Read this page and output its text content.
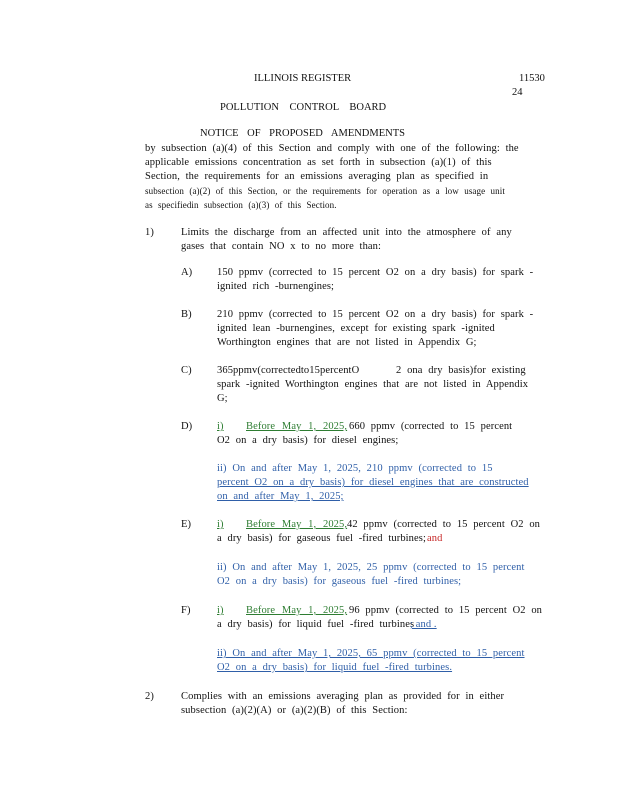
ILLINOIS REGISTER	11530
24
POLLUTION CONTROL BOARD
NOTICE OF PROPOSED AMENDMENTS
by subsection (a)(4) of this Section and comply with one of the following: the
applicable emissions concentration as set forth in subsection (a)(1) of this
Section, the requirements for an emissions averaging plan as specified in
subsection (a)(2) of this Section, or the requirements for operation as a low usage unit
as specifiedin subsection (a)(3) of this Section.
1)	Limits the discharge from an affected unit into the atmosphere of any
gases that contain NO x to no more than:
A) 150 ppmv (corrected to 15 percent O2 on a dry basis) for spark -
ignited rich -burnengines;
B) 210 ppmv (corrected to 15 percent O2 on a dry basis) for spark -
ignited lean -burnengines, except for existing spark -ignited
Worthington engines that are not listed in Appendix G;
C) 365ppmv(correctedto15percentO	2 ona dry basis)for existing
spark -ignited Worthington engines that are not listed in Appendix
G;
D) i) Before May 1, 2025, 660 ppmv (corrected to 15 percent
O2 on a dry basis) for diesel engines;
ii) On and after May 1, 2025, 210 ppmv (corrected to 15
percent O2 on a dry basis) for diesel engines that are constructed
on and after May 1, 2025;
E) i) Before May 1, 2025, 42 ppmv (corrected to 15 percent O2 on
a dry basis) for gaseous fuel -fired turbines; and
ii) On and after May 1, 2025, 25 ppmv (corrected to 15 percent
O2 on a dry basis) for gaseous fuel -fired turbines;
F)	i) Before May 1, 2025, 96 ppmv (corrected to 15 percent O2 on
a dry basis) for liquid fuel -fired turbines
; and .
ii) On and after May 1, 2025, 65 ppmv (corrected to 15 percent
O2 on a dry basis) for liquid fuel -fired turbines.
2)	Complies with an emissions averaging plan as provided for in either
subsection (a)(2)(A) or (a)(2)(B) of this Section:
